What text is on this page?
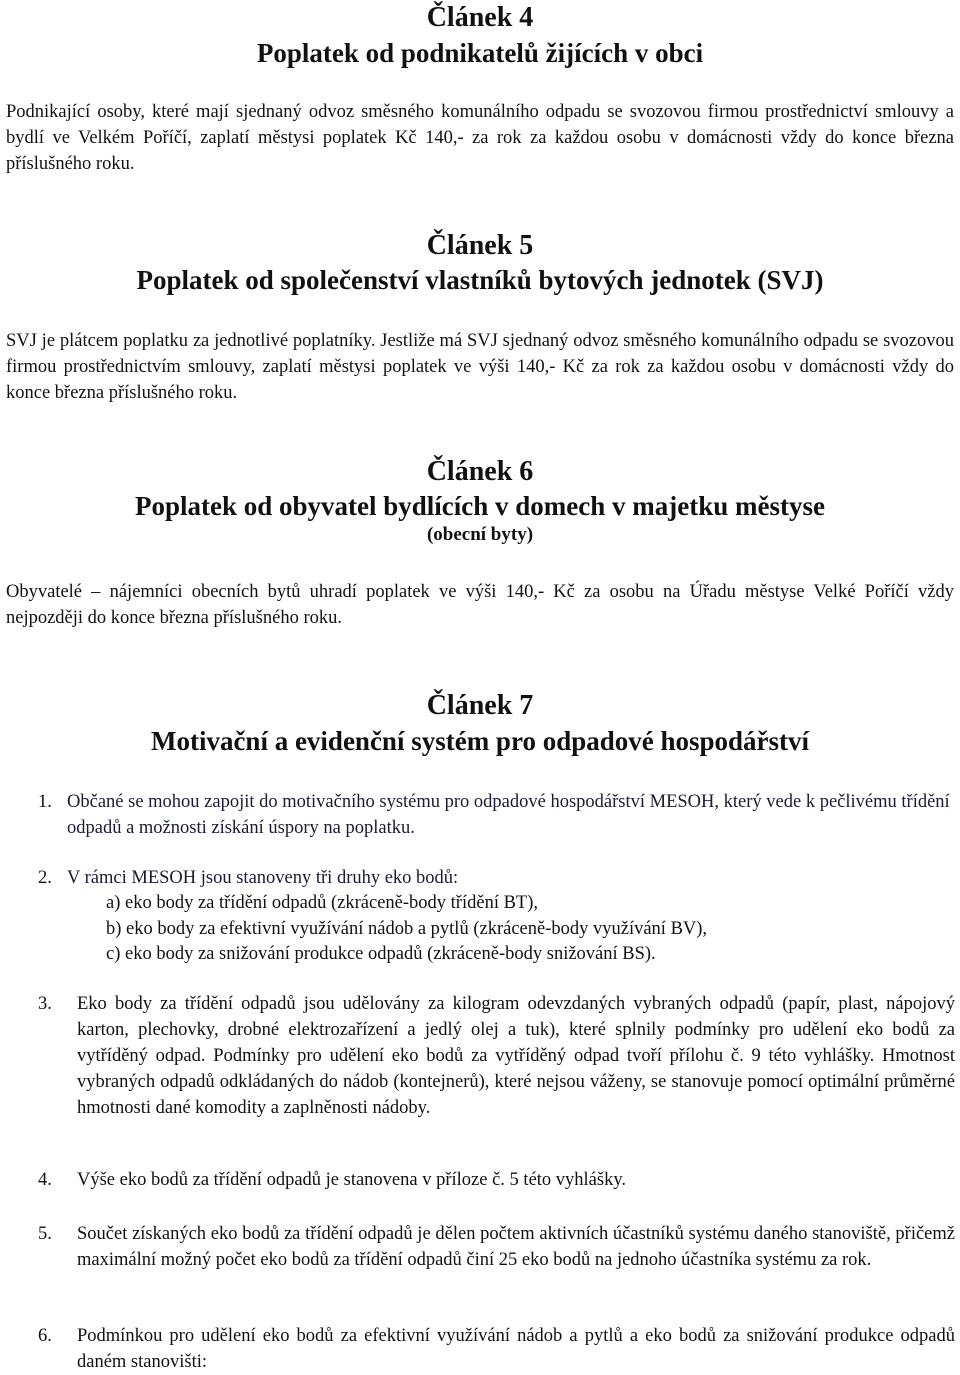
Článek 4
Poplatek od podnikatelů žijících v obci

Podnikající osoby, které mají sjednaný odvoz směsného komunálního odpadu se svozovou firmou prostřednictví smlouvy a bydlí ve Velkém Poříčí, zaplatí městysi poplatek Kč 140,- za rok za každou osobu v domácnosti vždy do konce března příslušného roku.

Článek 5
Poplatek od společenství vlastníků bytových jednotek (SVJ)

SVJ je plátcem poplatku za jednotlivé poplatníky. Jestliže má SVJ sjednaný odvoz směsného komunálního odpadu se svozovou firmou prostřednictvím smlouvy, zaplatí městysi poplatek ve výši 140,- Kč za rok za každou osobu v domácnosti vždy do konce března příslušného roku.

Článek 6
Poplatek od obyvatel bydlících v domech v majetku městyse
(obecní byty)

Obyvatelé – nájemníci obecních bytů uhradí poplatek ve výši 140,- Kč za osobu na Úřadu městyse Velké Poříčí vždy nejpozději do konce března příslušného roku.

Článek 7
Motivační a evidenční systém pro odpadové hospodářství
1. Občané se mohou zapojit do motivačního systému pro odpadové hospodářství MESOH, který vede k pečlivému třídění odpadů a možnosti získání úspory na poplatku.

2. V rámci MESOH jsou stanoveny tři druhy eko bodů:

a) eko body za třídění odpadů (zkráceně-body třídění BT),

b) eko body za efektivní využívání nádob a pytlů (zkráceně-body využívání BV),

c) eko body za snižování produkce odpadů (zkráceně-body snižování BS).

3. Eko body za třídění odpadů jsou udělovány za kilogram odevzdaných vybraných odpadů (papír, plast, nápojový karton, plechovky, drobné elektrozařízení a jedlý olej a tuk), které splnily podmínky pro udělení eko bodů za vytříděný odpad. Podmínky pro udělení eko bodů za vytříděný odpad tvoří přílohu č. 9 této vyhlášky. Hmotnost vybraných odpadů odkládaných do nádob (kontejnerů), které nejsou váženy, se stanovuje pomocí optimální průměrné hmotnosti dané komodity a zaplněnosti nádoby.

4. Výše eko bodů za třídění odpadů je stanovena v příloze č. 5 této vyhlášky.

5. Součet získaných eko bodů za třídění odpadů je dělen počtem aktivních účastníků systému daného stanoviště, přičemž maximální možný počet eko bodů za třídění odpadů činí 25 eko bodů na jednoho účastníka systému za rok.

6. Podmínkou pro udělení eko bodů za efektivní využívání nádob a pytlů a eko bodů za snižování produkce odpadů daném stanovišti:
